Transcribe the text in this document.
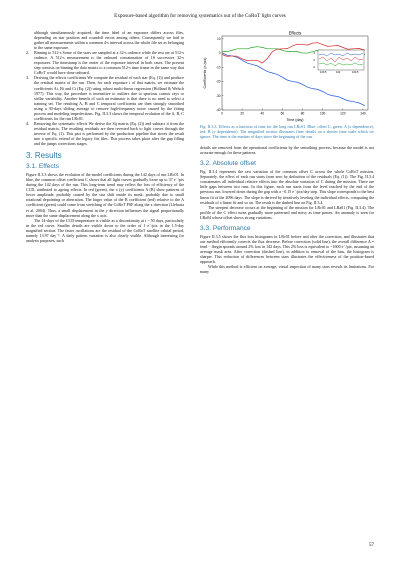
Exposure-based algorithm for removing systematics out of the CoRoT light curves

although simultaneously acquired, the time label of an exposure differs across files, depending on star position and roundoff errors among others. Consequently we had to gather all measurements within a common 4-s interval across the whole file set as belonging to the same exposure.

2. Binning to 512-s Some of the stars are sampled at a 32-s cadence while the rest are at 512-s cadence. A 512-s measurement is the onboard concatenation of 16 successive 32-s exposures. The timestamp is the center of the exposure interval in both cases. The present step consists on binning the data matrix to a common 512-s time frame in the same way that CoRoT would have done onboard.
3. Deriving the effects coefficients We compute the residual of each star (Eq. (1)) and produce the residual matrix of the run. Then, for each exposure i of that matrix, we estimate the coefficients Ai, Bi and Ci (Eq. (2)) using robust multi-linear regression (Holland & Welsch 1977). This way, the procedure is insensitive to outliers due to spurious cosmic rays or stellar variability. Another benefit of such an estimator is that there is no need to select a training set. The resulting A, B and C temporal coefficients are then strongly smoothed using a 30-days sliding average to remove high-frequency noise caused by the fitting process and modeling imperfections. Fig. II.3.3 shows the temporal evolution of the A, B, C coefficients for the run LRc01.
4. Removing the systematic effects We derive the Sij matrix (Eq. (2)) and subtract it from the residual matrix. The resulting residuals are then reverted back to light curves through the inverse of Eq. (1). This part is performed by the production pipeline that stores the result into a specific extend of the legacy fits files. This process takes place after the gap filling and the jumps corrections stages.
3. Results
3.1. Effects

Figure II.3.3 shows the evolution of the model coefficients during the 142 days of run LRc01. In blue, the common offset coefficient C shows that all light curves gradually loose up to 37 e⁻/pix during the 142 days of the run. This long-term trend may reflect the loss of efficiency of the CCD, attributed to ageing effects. In red (green), the x (y) coefficients A (B) show patterns of lower amplitude, probably caused by the star shift inside its mask, probably due to small rotational depointing or aberration. The larger value of the B coefficient (red) relative to the A coefficient (green) could come from stretching of the CoRoT PSF along the x direction (Llebaria et al. 2004). Thus, a small displacement in the y direction influences the signal proportionally more than the same displacement along the x axis.

The 14-days of the CCD temperature is visible as a discontinuity at t ~ 50 days, particularly in the red curve. Smaller details are visible down to the order of 1 e⁻/pix in the 1.5-day magnified section. The faster oscillations are the residual of the CoRoT satellite orbital period, namely 13.97 day⁻¹. A daily pattern variation is also clearly visible. Although interesting for analysis purposes, such

0	20	40	60	80	100	120	140
10
0
-10
-20
-30
-40
Effects
Time (day)
Coefficients (e-/pix)	100.5	102	103.5
2
0
-2

Fig. II.3.3. Effects as a function of time for the long run LRc01. Blue: offset C, green: A (x dependence), red: B (y dependence). The magnified section illustrates finer details on a shorter time scale which we ignore. The time is the number of days since the beginning of the run.

details are removed from the operational coefficients by the smoothing process, because the model is not accurate enough for these patterns.

3.2. Absolute offset

Fig. II.3.4 represents the raw variation of the common offset C across the whole CoRoT mission. Separately, the effect of each run starts from zero by definition of the residuals (Eq. (1)). The Fig. II.3.4 concatenates all individual relative effects into the absolute variation of C during the mission. There are little gaps between two runs. In this figure, each run starts from the level reached by the end of the previous run, lowered down during the gap with a −0.15 e⁻/pix/day step. This slope corresponds to the best linear fit of the 2096 days. The slope is derived by iteratively leveling the individual effects, computing the residuals of a linear fit and so on. The result is the dashed line on Fig. II.3.4.

The steepest decrease occurs at the beginning of the mission for LRc01 and LRa01 (Fig. II.3.4). The profile of the C effect turns gradually more patterned and noisy as time passes. An anomaly is seen for LRa04 whose offset shows strong variations.

3.3. Performance

Figure II.3.5 shows the flux loss histograms in LRc01 before and after the correction, and illustrates that our method efficiently corrects the flux decrease. Before correction (solid line), the overall difference Δ = fend − fbegin spreads around 2% loss in 142 days. This 2% loss is equivalent to ~1600 e⁻/pix, assuming an average mask area. After correction (dashed line), in addition to removal of the bias, the histogram is sharper. This reduction of differences between stars illustrates the effectiveness of the position-based approach.

While this method is efficient on average, visual inspection of many stars reveals its limitations. For many

57
